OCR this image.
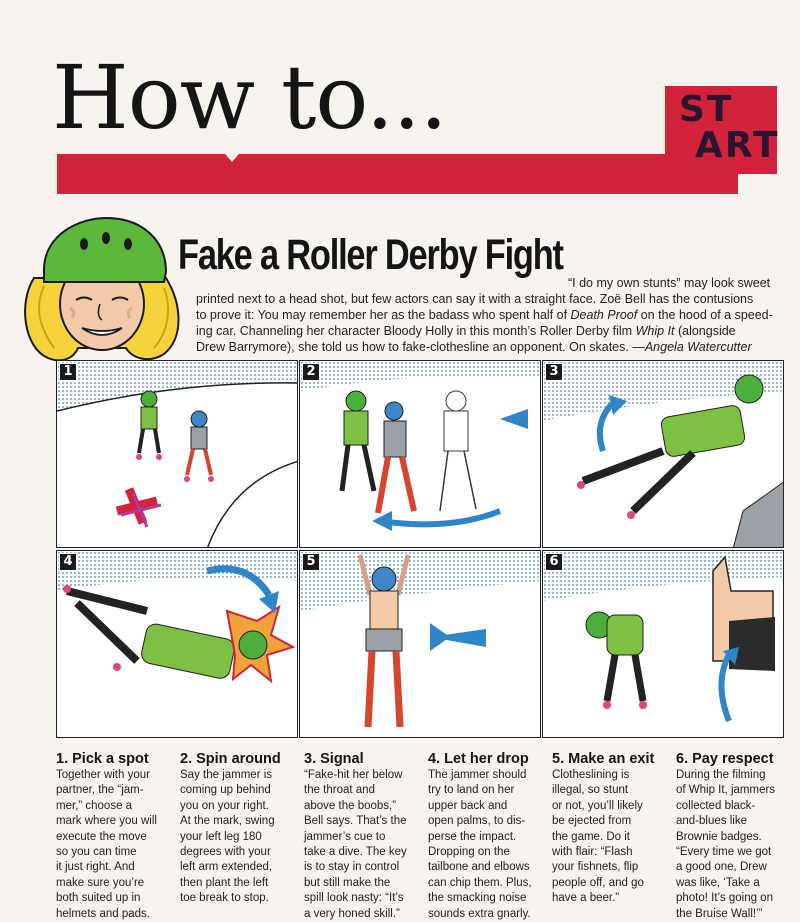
How to...	ST
ART
Fake a Roller Derby Fight
“I do my own stunts” may look sweet
printed next to a head shot, but few actors can say it with a straight face. Zoë Bell has the contusions
to prove it: You may remember her as the badass who spent half of Death Proof on the hood of a speed-
ing car. Channeling her character Bloody Holly in this month’s Roller Derby film Whip It (alongside
Drew Barrymore), she told us how to fake-clothesline an opponent. On skates. —Angela Watercutter
1	2	3
4	5	6
1. Pick a spot
Together with your
partner, the “jam-
mer,” choose a
mark where you will
execute the move
so you can time
it just right. And
make sure you’re
both suited up in
helmets and pads.
2. Spin around
Say the jammer is
coming up behind
you on your right.
At the mark, swing
your left leg 180
degrees with your
left arm extended,
then plant the left
toe break to stop.
3. Signal
“Fake-hit her below
the throat and
above the boobs,”
Bell says. That’s the
jammer’s cue to
take a dive. The key
is to stay in control
but still make the
spill look nasty: “It’s
a very honed skill.”
4. Let her drop
The jammer should
try to land on her
upper back and
open palms, to dis-
perse the impact.
Dropping on the
tailbone and elbows
can chip them. Plus,
the smacking noise
sounds extra gnarly.
5. Make an exit
Clotheslining is
illegal, so stunt
or not, you’ll likely
be ejected from
the game. Do it
with flair: “Flash
your fishnets, flip
people off, and go
have a beer.”
6. Pay respect
During the filming
of Whip It, jammers
collected black-
and-blues like
Brownie badges.
“Every time we got
a good one, Drew
was like, ‘Take a
photo! It’s going on
the Bruise Wall!’”
